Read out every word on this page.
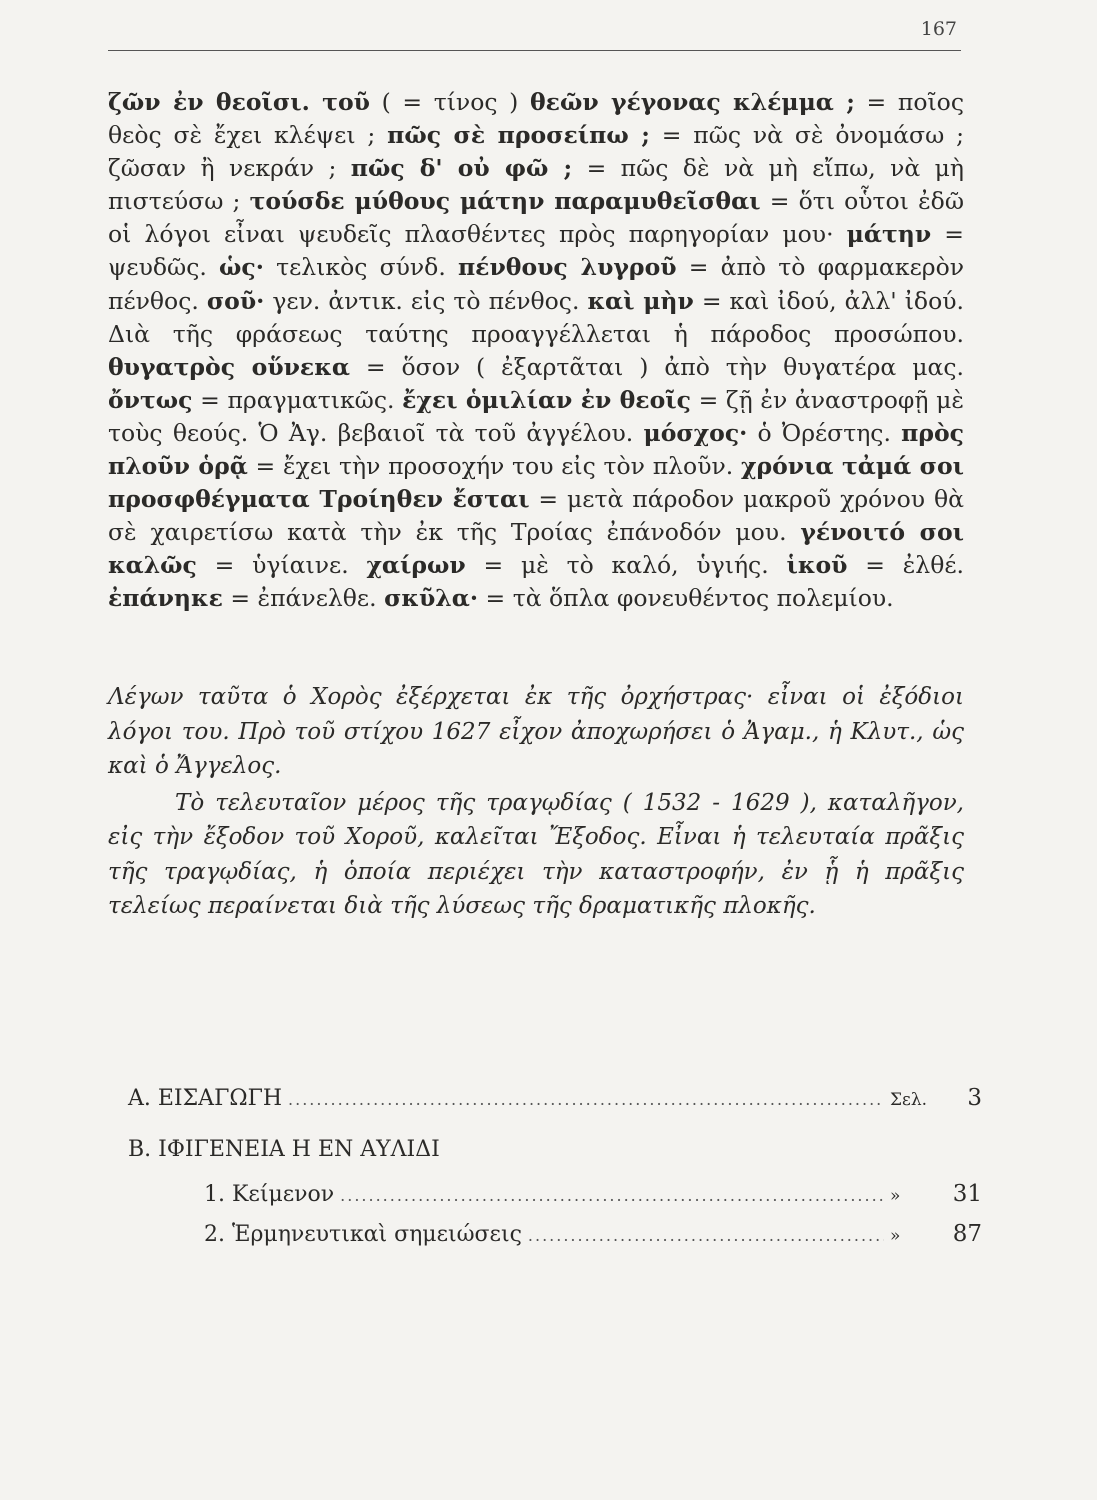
167
ζῶν ἐν θεοῖσι. τοῦ ( = τίνος ) θεῶν γέγονας κλέμμα ; = ποῖος θεὸς σὲ ἔχει κλέψει ; πῶς σὲ προσείπω ; = πῶς νὰ σὲ ὀνομάσω ; ζῶσαν ἢ νεκράν ; πῶς δ' οὐ φῶ ; = πῶς δὲ νὰ μὴ εἴπω, νὰ μὴ πιστεύσω ; τούσδε μύθους μάτην παραμυθεῖσθαι = ὅτι οὗτοι ἐδῶ οἱ λόγοι εἶναι ψευδεῖς πλασθέντες πρὸς παρηγορίαν μου· μάτην = ψευδῶς. ὡς· τελικὸς σύνδ. πένθους λυγροῦ = ἀπὸ τὸ φαρμακερὸν πένθος. σοῦ· γεν. ἀντικ. εἰς τὸ πένθος. καὶ μὴν = καὶ ἰδού, ἀλλ' ἰδού. Διὰ τῆς φράσεως ταύτης προαγγέλλεται ἡ πάροδος προσώπου. θυγατρὸς οὕνεκα = ὅσον ( ἐξαρτᾶται ) ἀπὸ τὴν θυγατέρα μας. ὄντως = πραγματικῶς. ἔχει ὁμιλίαν ἐν θεοῖς = ζῇ ἐν ἀναστροφῇ μὲ τοὺς θεούς. Ὁ Ἀγ. βεβαιοῖ τὰ τοῦ ἀγγέλου. μόσχος· ὁ Ὀρέστης. πρὸς πλοῦν ὁρᾷ = ἔχει τὴν προσοχήν του εἰς τὸν πλοῦν. χρόνια τἀμά σοι προσφθέγματα Τροίηθεν ἔσται = μετὰ πάροδον μακροῦ χρόνου θὰ σὲ χαιρετίσω κατὰ τὴν ἐκ τῆς Τροίας ἐπάνοδόν μου. γένοιτό σοι καλῶς = ὑγίαινε. χαίρων = μὲ τὸ καλό, ὑγιής. ἱκοῦ = ἐλθέ. ἐπάνηκε = ἐπάνελθε. σκῦλα· = τὰ ὅπλα φονευθέντος πολεμίου.

Λέγων ταῦτα ὁ Χορὸς ἐξέρχεται ἐκ τῆς ὀρχήστρας· εἶναι οἱ ἐξόδιοι λόγοι του. Πρὸ τοῦ στίχου 1627 εἶχον ἀποχωρήσει ὁ Ἀγαμ., ἡ Κλυτ., ὡς καὶ ὁ Ἄγγελος.

Τὸ τελευταῖον μέρος τῆς τραγῳδίας ( 1532 - 1629 ), καταλῆγον, εἰς τὴν ἔξοδον τοῦ Χοροῦ, καλεῖται Ἔξοδος. Εἶναι ἡ τελευταία πρᾶξις τῆς τραγῳδίας, ἡ ὁποία περιέχει τὴν καταστροφήν, ἐν ᾗ ἡ πρᾶξις τελείως περαίνεται διὰ τῆς λύσεως τῆς δραματικῆς πλοκῆς.

Α. ΕΙΣΑΓΩΓΗ .....	Σελ.	3
Β. ΙΦΙΓΕΝΕΙΑ Η ΕΝ ΑΥΛΙΔΙ
1. Κείμενον .....	»	31
2. Ἑρμηνευτικαὶ σημειώσεις .....	»	87
